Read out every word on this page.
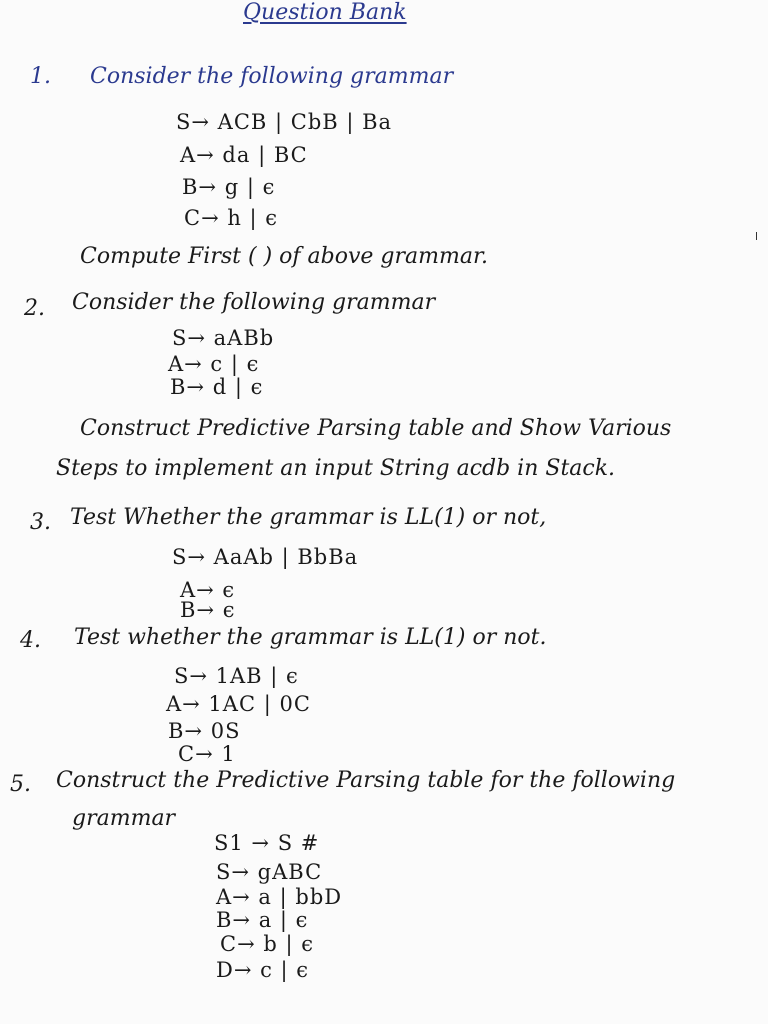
Question Bank
1. Consider the following grammar
S→ ACB | CbB | Ba
A→ da | BC
B→ g | ϵ
C→ h | ϵ
Compute First ( ) of above grammar.
2. Consider the following grammar
S→ aABb
A→ c | ϵ
B→ d | ϵ
Construct Predictive Parsing table and Show Various
Steps to implement an input String acdb in Stack.
3. Test Whether the grammar is LL(1) or not,
S→ AaAb | BbBa
A→ ϵ
B→ ϵ
4. Test whether the grammar is LL(1) or not.
S→ 1AB | ϵ
A→ 1AC | 0C
B→ 0S
C→ 1
5. Construct the Predictive Parsing table for the following
grammar
S1 → S #
S→ gABC
A→ a | bbD
B→ a | ϵ
C→ b | ϵ
D→ c | ϵ
